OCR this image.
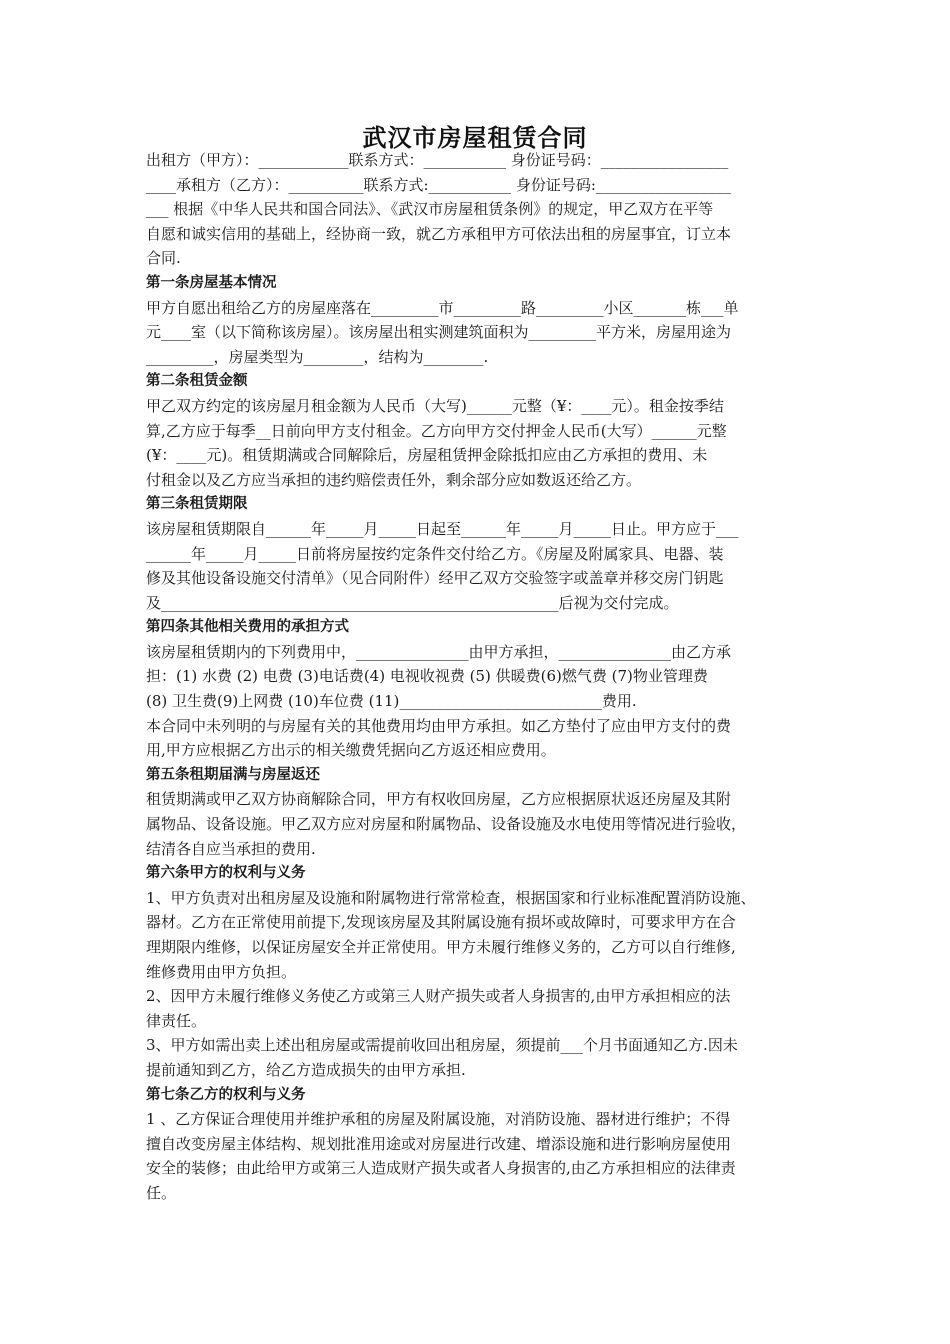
武汉市房屋租赁合同
出租方（甲方）：____________联系方式：___________ 身份证号码：_________________
____承租方（乙方）：__________联系方式:___________ 身份证号码:__________________
___ 根据《中华人民共和国合同法》、《武汉市房屋租赁条例》的规定，甲乙双方在平等
自愿和诚实信用的基础上，经协商一致，就乙方承租甲方可依法出租的房屋事宜，订立本
合同.
第一条房屋基本情况
甲方自愿出租给乙方的房屋座落在_________市_________路_________小区_______栋___单
元____室（以下简称该房屋）。该房屋出租实测建筑面积为_________平方米，房屋用途为
_________，房屋类型为________，结构为________.
第二条租赁金额
甲乙双方约定的该房屋月租金额为人民币（大写)______元整（¥：____元）。租金按季结
算,乙方应于每季__日前向甲方支付租金。乙方向甲方交付押金人民币(大写）______元整
(¥：____元)。租赁期满或合同解除后，房屋租赁押金除抵扣应由乙方承担的费用、未
付租金以及乙方应当承担的违约赔偿责任外，剩余部分应如数返还给乙方。
第三条租赁期限
该房屋租赁期限自______年_____月_____日起至______年_____月_____日止。甲方应于___
______年_____月_____日前将房屋按约定条件交付给乙方。《房屋及附属家具、电器、装
修及其他设备设施交付清单》（见合同附件）经甲乙双方交验签字或盖章并移交房门钥匙
及_____________________________________________________后视为交付完成。
第四条其他相关费用的承担方式
该房屋租赁期内的下列费用中，_______________由甲方承担，_______________由乙方承
担：(1) 水费 (2) 电费 (3)电话费(4) 电视收视费 (5) 供暖费(6)燃气费 (7)物业管理费
(8) 卫生费(9)上网费 (10)车位费 (11)___________________________费用.
本合同中未列明的与房屋有关的其他费用均由甲方承担。如乙方垫付了应由甲方支付的费
用,甲方应根据乙方出示的相关缴费凭据向乙方返还相应费用。
第五条租期届满与房屋返还
租赁期满或甲乙双方协商解除合同，甲方有权收回房屋，乙方应根据原状返还房屋及其附
属物品、设备设施。甲乙双方应对房屋和附属物品、设备设施及水电使用等情况进行验收，
结清各自应当承担的费用.
第六条甲方的权利与义务
1、甲方负责对出租房屋及设施和附属物进行常常检查，根据国家和行业标准配置消防设施、
器材。乙方在正常使用前提下,发现该房屋及其附属设施有损坏或故障时，可要求甲方在合
理期限内维修，以保证房屋安全并正常使用。甲方未履行维修义务的，乙方可以自行维修,
维修费用由甲方负担。
2、因甲方未履行维修义务使乙方或第三人财产损失或者人身损害的,由甲方承担相应的法
律责任。
3、甲方如需出卖上述出租房屋或需提前收回出租房屋，须提前___个月书面通知乙方.因未
提前通知到乙方，给乙方造成损失的由甲方承担.
第七条乙方的权利与义务
1 、乙方保证合理使用并维护承租的房屋及附属设施，对消防设施、器材进行维护；不得
擅自改变房屋主体结构、规划批准用途或对房屋进行改建、增添设施和进行影响房屋使用
安全的装修；由此给甲方或第三人造成财产损失或者人身损害的,由乙方承担相应的法律责
任。
